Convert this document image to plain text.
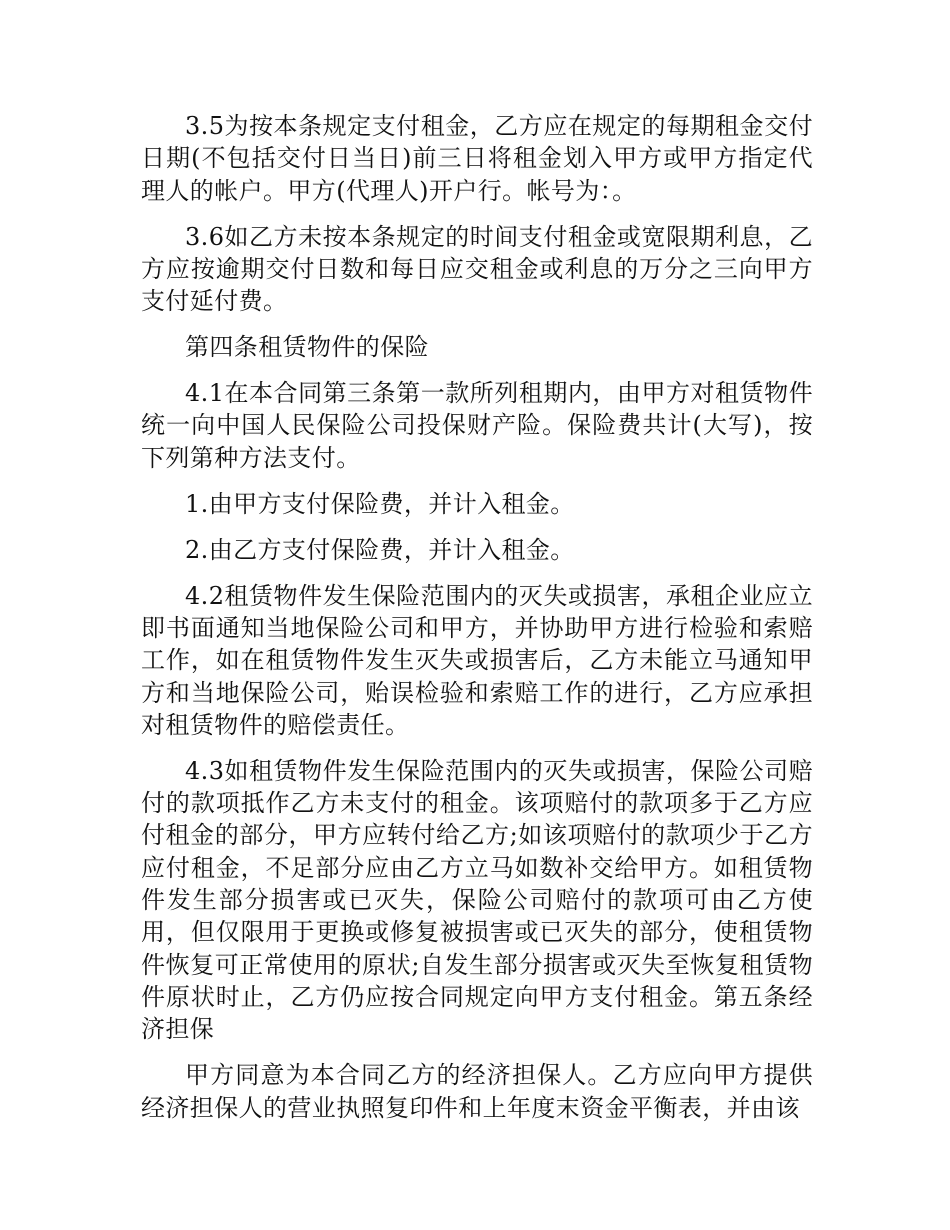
3.5为按本条规定支付租金，乙方应在规定的每期租金交付日期(不包括交付日当日)前三日将租金划入甲方或甲方指定代理人的帐户。甲方(代理人)开户行。帐号为：。

3.6如乙方未按本条规定的时间支付租金或宽限期利息，乙方应按逾期交付日数和每日应交租金或利息的万分之三向甲方支付延付费。

第四条租赁物件的保险

4.1在本合同第三条第一款所列租期内，由甲方对租赁物件统一向中国人民保险公司投保财产险。保险费共计(大写)，按下列第种方法支付。

1.由甲方支付保险费，并计入租金。

2.由乙方支付保险费，并计入租金。

4.2租赁物件发生保险范围内的灭失或损害，承租企业应立即书面通知当地保险公司和甲方，并协助甲方进行检验和索赔工作，如在租赁物件发生灭失或损害后，乙方未能立马通知甲方和当地保险公司，贻误检验和索赔工作的进行，乙方应承担对租赁物件的赔偿责任。

4.3如租赁物件发生保险范围内的灭失或损害，保险公司赔付的款项抵作乙方未支付的租金。该项赔付的款项多于乙方应付租金的部分，甲方应转付给乙方;如该项赔付的款项少于乙方应付租金，不足部分应由乙方立马如数补交给甲方。如租赁物件发生部分损害或已灭失，保险公司赔付的款项可由乙方使用，但仅限用于更换或修复被损害或已灭失的部分，使租赁物件恢复可正常使用的原状;自发生部分损害或灭失至恢复租赁物件原状时止，乙方仍应按合同规定向甲方支付租金。第五条经济担保

甲方同意为本合同乙方的经济担保人。乙方应向甲方提供经济担保人的营业执照复印件和上年度末资金平衡表，并由该
